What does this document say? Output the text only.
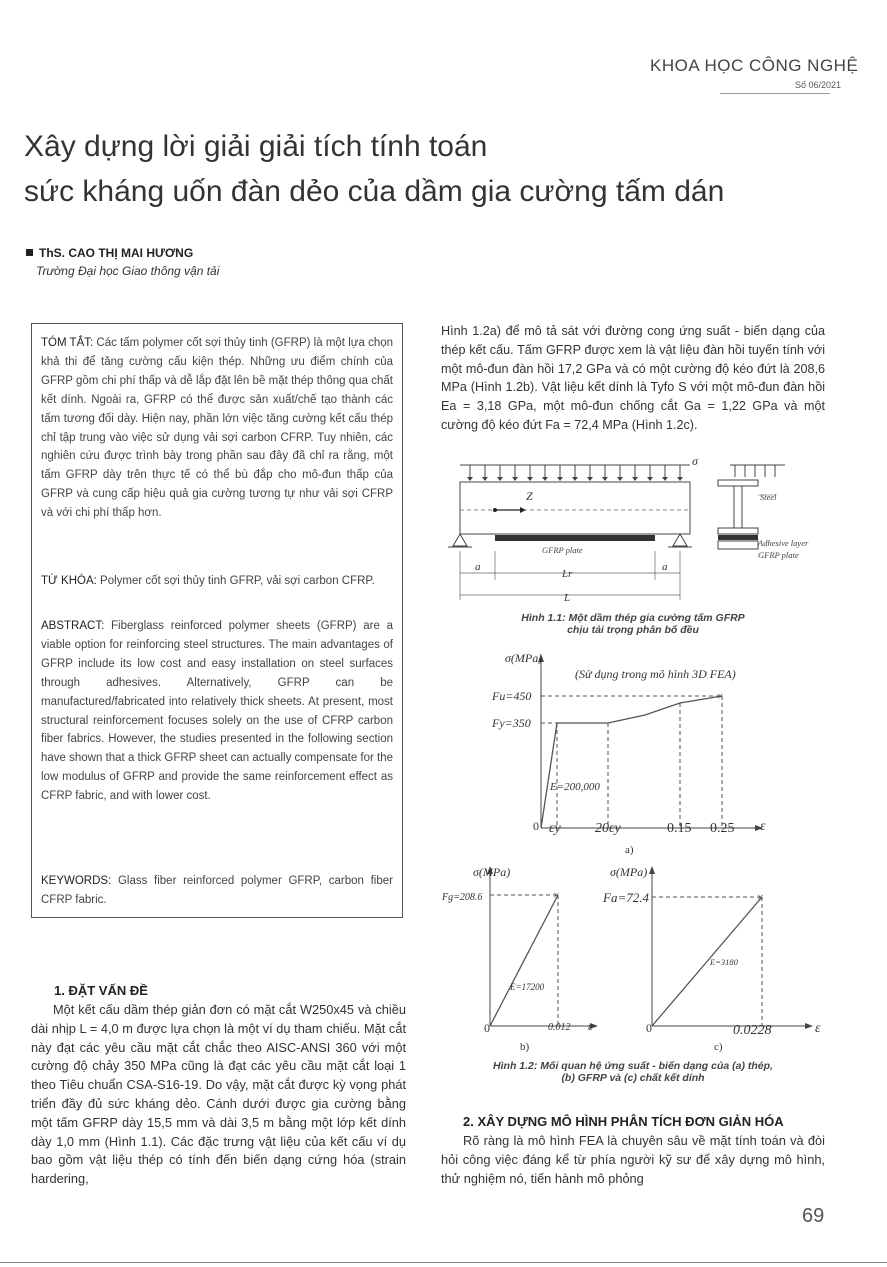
KHOA HỌC CÔNG NGHỆ
Số 06/2021
Xây dựng lời giải giải tích tính toán
sức kháng uốn đàn dẻo của dầm gia cường tấm dán
ThS. CAO THỊ MAI HƯƠNG
Trường Đại học Giao thông vận tải
TÓM TẮT: Các tấm polymer cốt sợi thủy tinh (GFRP) là một lựa chọn khả thi để tăng cường cấu kiện thép. Những ưu điểm chính của GFRP gồm chi phí thấp và dễ lắp đặt lên bề mặt thép thông qua chất kết dính. Ngoài ra, GFRP có thể được sản xuất/chế tạo thành các tấm tương đối dày. Hiện nay, phần lớn việc tăng cường kết cấu thép chỉ tập trung vào việc sử dụng vải sợi carbon CFRP. Tuy nhiên, các nghiên cứu được trình bày trong phần sau đây đã chỉ ra rằng, một tấm GFRP dày trên thực tế có thể bù đắp cho mô-đun thấp của GFRP và cung cấp hiệu quả gia cường tương tự như vải sợi CFRP và với chi phí thấp hơn.
TỪ KHÓA: Polymer cốt sợi thủy tinh GFRP, vải sợi carbon CFRP.
ABSTRACT: Fiberglass reinforced polymer sheets (GFRP) are a viable option for reinforcing steel structures. The main advantages of GFRP include its low cost and easy installation on steel surfaces through adhesives. Alternatively, GFRP can be manufactured/fabricated into relatively thick sheets. At present, most structural reinforcement focuses solely on the use of CFRP carbon fiber fabrics. However, the studies presented in the following section have shown that a thick GFRP sheet can actually compensate for the low modulus of GFRP and provide the same reinforcement effect as CFRP fabric, and with lower cost.
KEYWORDS: Glass fiber reinforced polymer GFRP, carbon fiber CFRP fabric.
1. ĐẶT VẤN ĐỀ
Một kết cấu dầm thép giản đơn có mặt cắt W250x45 và chiều dài nhịp L = 4,0 m được lựa chọn là một ví dụ tham chiếu. Mặt cắt này đạt các yêu cầu mặt cắt chắc theo AISC-ANSI 360 với một cường độ chảy 350 MPa cũng là đạt các yêu cầu mặt cắt loại 1 theo Tiêu chuẩn CSA-S16-19. Do vậy, mặt cắt được kỳ vọng phát triển đầy đủ sức kháng dẻo. Cánh dưới được gia cường bằng một tấm GFRP dày 15,5 mm và dài 3,5 m bằng một lớp kết dính dày 1,0 mm (Hình 1.1). Các đặc trưng vật liệu của kết cấu ví dụ bao gồm vật liệu thép có tính đến biến dạng cứng hóa (strain hardering,
Hình 1.2a) để mô tả sát với đường cong ứng suất - biến dạng của thép kết cấu. Tấm GFRP được xem là vật liệu đàn hồi tuyến tính với một mô-đun đàn hồi 17,2 GPa và có một cường độ kéo đứt là 208,6 MPa (Hình 1.2b). Vật liệu kết dính là Tyfo S với một mô-đun đàn hồi Ea = 3,18 GPa, một mô-đun chống cắt Ga = 1,22 GPa và một cường độ kéo đứt Fa = 72,4 MPa (Hình 1.2c).
Z
GFRP plate
a	a
Lr
L
σ
Steel
Adhesive layer
GFRP plate
Hình 1.1: Một dầm thép gia cường tấm GFRP
chịu tải trọng phân bố đều
σ(MPa)
(Sử dụng trong mô hình 3D FEA)
×
Fu=450
Fy=350
E=200,000
0 εy 20εy	0.15 0.25 ε
a)
σ(MPa)
×
Fg=208.6
E=17200
0	0.012 ε
b)
σ(MPa)
×
Fa=72.4
E=3180
0	0.0228	ε
c)
Hình 1.2: Mối quan hệ ứng suất - biến dạng của (a) thép,
(b) GFRP và (c) chất kết dính
2. XÂY DỰNG MÔ HÌNH PHÂN TÍCH ĐƠN GIẢN HÓA
Rõ ràng là mô hình FEA là chuyên sâu về mặt tính toán và đòi hỏi công việc đáng kể từ phía người kỹ sư để xây dựng mô hình, thử nghiệm nó, tiến hành mô phỏng
69
